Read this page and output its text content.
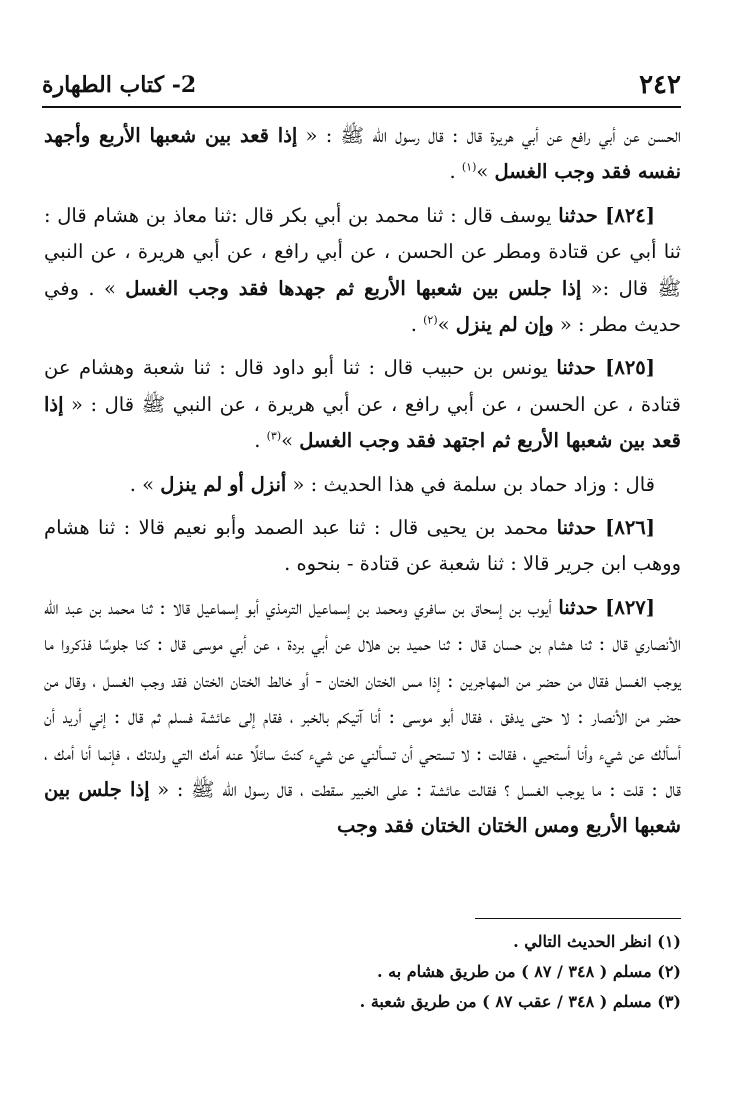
٢٤٢
2- كتاب الطهارة

الحسن عن أبي رافع عن أبي هريرة قال : قال رسول الله ﷺ : « إذا قعد بين شعبها الأربع وأجهد نفسه فقد وجب الغسل »$^{(١)}$ .

[٨٢٤] حدثنا يوسف قال : ثنا محمد بن أبي بكر قال :ثنا معاذ بن هشام قال : ثنا أبي عن قتادة ومطر عن الحسن ، عن أبي رافع ، عن أبي هريرة ، عن النبي ﷺ قال :« إذا جلس بين شعبها الأربع ثم جهدها فقد وجب الغسل » . وفي حديث مطر : « وإن لم ينزل »$^{(٢)}$ .

[٨٢٥] حدثنا يونس بن حبيب قال : ثنا أبو داود قال : ثنا شعبة وهشام عن قتادة ، عن الحسن ، عن أبي رافع ، عن أبي هريرة ، عن النبي ﷺ قال : « إذا قعد بين شعبها الأربع ثم اجتهد فقد وجب الغسل »$^{(٣)}$ .

قال : وزاد حماد بن سلمة في هذا الحديث : « أنزل أو لم ينزل » .

[٨٢٦] حدثنا محمد بن يحيى قال : ثنا عبد الصمد وأبو نعيم قالا : ثنا هشام ووهب ابن جرير قالا : ثنا شعبة عن قتادة - بنحوه .

[٨٢٧] حدثنا أيوب بن إسحاق بن سافري ومحمد بن إسماعيل الترمذي أبو إسماعيل قالا : ثنا محمد بن عبد الله الأنصاري قال : ثنا هشام بن حسان قال : ثنا حميد بن هلال عن أبي بردة ، عن أبي موسى قال : كنا جلوسًا فذكروا ما يوجب الغسل فقال من حضر من المهاجرين : إذا مس الختان الختان - أو خالط الختان الختان فقد وجب الغسل ، وقال من حضر من الأنصار : لا حتى يدفق ، فقال أبو موسى : أنا آتيكم بالخبر ، فقام إلى عائشة فسلم ثم قال : إني أريد أن أسألك عن شيء وأنا أستحيي ، فقالت : لا تستحي أن تسألني عن شيء كنتَ سائلًا عنه أمك التي ولدتك ، فإنما أنا أمك ، قال : قلت : ما يوجب الغسل ؟ فقالت عائشة : على الخبير سقطت ، قال رسول الله ﷺ : « إذا جلس بين شعبها الأربع ومس الختان الختان فقد وجب

(١) انظر الحديث التالي .
(٢) مسلم ( ٣٤٨ / ٨٧ ) من طريق هشام به .
(٣) مسلم ( ٣٤٨ / عقب ٨٧ ) من طريق شعبة .
